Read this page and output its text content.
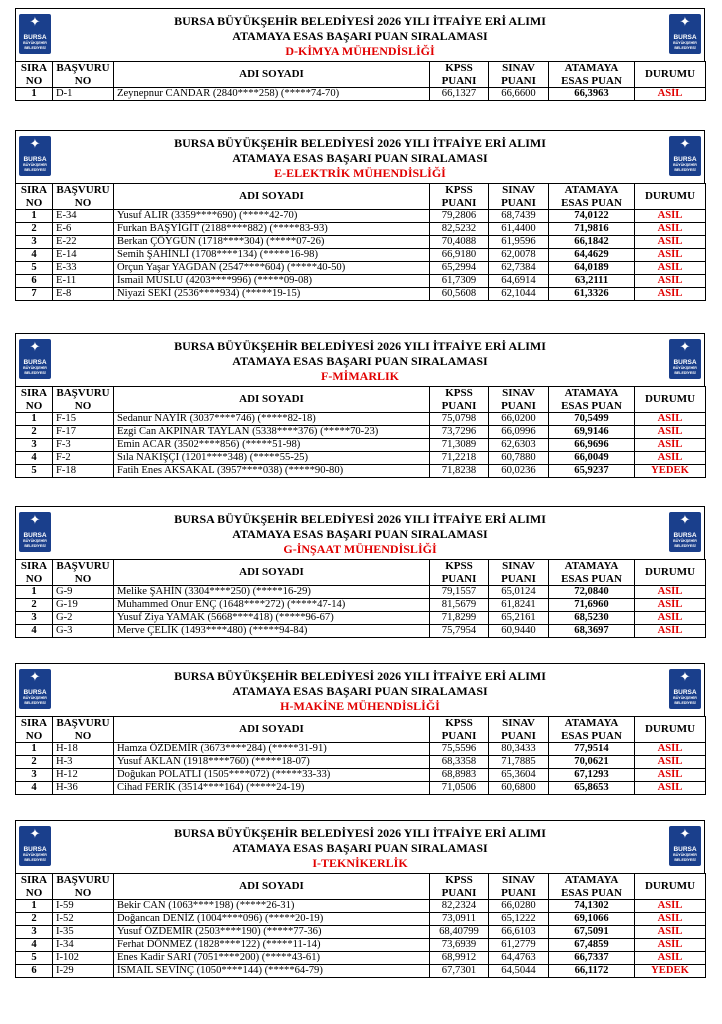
✦
BURSA
BÜYÜKŞEHİR
BELEDİYESİ
✦
BURSA
BÜYÜKŞEHİR
BELEDİYESİ
BURSA BÜYÜKŞEHİR BELEDİYESİ 2026 YILI İTFAİYE ERİ ALIMI
ATAMAYA ESAS BAŞARI PUAN SIRALAMASI
D-KİMYA MÜHENDİSLİĞİ
SIRA
NO	BAŞVURU
NO	ADI SOYADI	KPSS
PUANI	SINAV
PUANI	ATAMAYA
ESAS PUAN	DURUMU
1	D-1	Zeynepnur CANDAR (2840****258) (*****74-70)	66,1327	66,6600	66,3963	ASİL
✦
BURSA
BÜYÜKŞEHİR
BELEDİYESİ
✦
BURSA
BÜYÜKŞEHİR
BELEDİYESİ
BURSA BÜYÜKŞEHİR BELEDİYESİ 2026 YILI İTFAİYE ERİ ALIMI
ATAMAYA ESAS BAŞARI PUAN SIRALAMASI
E-ELEKTRİK MÜHENDİSLİĞİ
SIRA
NO	BAŞVURU
NO	ADI SOYADI	KPSS
PUANI	SINAV
PUANI	ATAMAYA
ESAS PUAN	DURUMU
1	E-34	Yusuf ALIR (3359****690) (*****42-70)	79,2806	68,7439	74,0122	ASİL
2	E-6	Furkan BAŞYİĞİT (2188****882) (*****83-93)	82,5232	61,4400	71,9816	ASİL
3	E-22	Berkan ÇÖYGÜN (1718****304) (*****07-26)	70,4088	61,9596	66,1842	ASİL
4	E-14	Semih ŞAHİNLİ (1708****134) (*****16-98)	66,9180	62,0078	64,4629	ASİL
5	E-33	Orçun Yaşar YAĞDAN (2547****604) (*****40-50)	65,2994	62,7384	64,0189	ASİL
6	E-11	İsmail MUSLU (4203****996) (*****09-08)	61,7309	64,6914	63,2111	ASİL
7	E-8	Niyazi SEKİ (2536****934) (*****19-15)	60,5608	62,1044	61,3326	ASİL
✦
BURSA
BÜYÜKŞEHİR
BELEDİYESİ
✦
BURSA
BÜYÜKŞEHİR
BELEDİYESİ
BURSA BÜYÜKŞEHİR BELEDİYESİ 2026 YILI İTFAİYE ERİ ALIMI
ATAMAYA ESAS BAŞARI PUAN SIRALAMASI
F-MİMARLIK
SIRA
NO	BAŞVURU
NO	ADI SOYADI	KPSS
PUANI	SINAV
PUANI	ATAMAYA
ESAS PUAN	DURUMU
1	F-15	Sedanur NAYİR (3037****746) (*****82-18)	75,0798	66,0200	70,5499	ASİL
2	F-17	Ezgi Can AKPINAR TAYLAN (5338****376) (*****70-23)	73,7296	66,0996	69,9146	ASİL
3	F-3	Emin ACAR (3502****856) (*****51-98)	71,3089	62,6303	66,9696	ASİL
4	F-2	Sıla NAKIŞÇI (1201****348) (*****55-25)	71,2218	60,7880	66,0049	ASİL
5	F-18	Fatih Enes AKSAKAL (3957****038) (*****90-80)	71,8238	60,0236	65,9237	YEDEK
✦
BURSA
BÜYÜKŞEHİR
BELEDİYESİ
✦
BURSA
BÜYÜKŞEHİR
BELEDİYESİ
BURSA BÜYÜKŞEHİR BELEDİYESİ 2026 YILI İTFAİYE ERİ ALIMI
ATAMAYA ESAS BAŞARI PUAN SIRALAMASI
G-İNŞAAT MÜHENDİSLİĞİ
SIRA
NO	BAŞVURU
NO	ADI SOYADI	KPSS
PUANI	SINAV
PUANI	ATAMAYA
ESAS PUAN	DURUMU
1	G-9	Melike ŞAHİN (3304****250) (*****16-29)	79,1557	65,0124	72,0840	ASİL
2	G-19	Muhammed Onur ENÇ (1648****272) (*****47-14)	81,5679	61,8241	71,6960	ASİL
3	G-2	Yusuf Ziya YAMAK (5668****418) (*****96-67)	71,8299	65,2161	68,5230	ASİL
4	G-3	Merve ÇELİK (1493****480) (*****94-84)	75,7954	60,9440	68,3697	ASİL
✦
BURSA
BÜYÜKŞEHİR
BELEDİYESİ
✦
BURSA
BÜYÜKŞEHİR
BELEDİYESİ
BURSA BÜYÜKŞEHİR BELEDİYESİ 2026 YILI İTFAİYE ERİ ALIMI
ATAMAYA ESAS BAŞARI PUAN SIRALAMASI
H-MAKİNE MÜHENDİSLİĞİ
SIRA
NO	BAŞVURU
NO	ADI SOYADI	KPSS
PUANI	SINAV
PUANI	ATAMAYA
ESAS PUAN	DURUMU
1	H-18	Hamza ÖZDEMİR (3673****284) (*****31-91)	75,5596	80,3433	77,9514	ASİL
2	H-3	Yusuf AKLAN (1918****760) (*****18-07)	68,3358	71,7885	70,0621	ASİL
3	H-12	Doğukan POLATLI (1505****072) (*****33-33)	68,8983	65,3604	67,1293	ASİL
4	H-36	Cihad FERİK (3514****164) (*****24-19)	71,0506	60,6800	65,8653	ASİL
✦
BURSA
BÜYÜKŞEHİR
BELEDİYESİ
✦
BURSA
BÜYÜKŞEHİR
BELEDİYESİ
BURSA BÜYÜKŞEHİR BELEDİYESİ 2026 YILI İTFAİYE ERİ ALIMI
ATAMAYA ESAS BAŞARI PUAN SIRALAMASI
I-TEKNİKERLİK
SIRA
NO	BAŞVURU
NO	ADI SOYADI	KPSS
PUANI	SINAV
PUANI	ATAMAYA
ESAS PUAN	DURUMU
1	I-59	Bekir CAN (1063****198) (*****26-31)	82,2324	66,0280	74,1302	ASİL
2	I-52	Doğancan DENİZ (1004****096) (*****20-19)	73,0911	65,1222	69,1066	ASİL
3	I-35	Yusuf ÖZDEMİR (2503****190) (*****77-36)	68,40799	66,6103	67,5091	ASİL
4	I-34	Ferhat DÖNMEZ (1828****122) (*****11-14)	73,6939	61,2779	67,4859	ASİL
5	I-102	Enes Kadir SARI (7051****200) (*****43-61)	68,9912	64,4763	66,7337	ASİL
6	I-29	İSMAİL SEVİNÇ (1050****144) (*****64-79)	67,7301	64,5044	66,1172	YEDEK
